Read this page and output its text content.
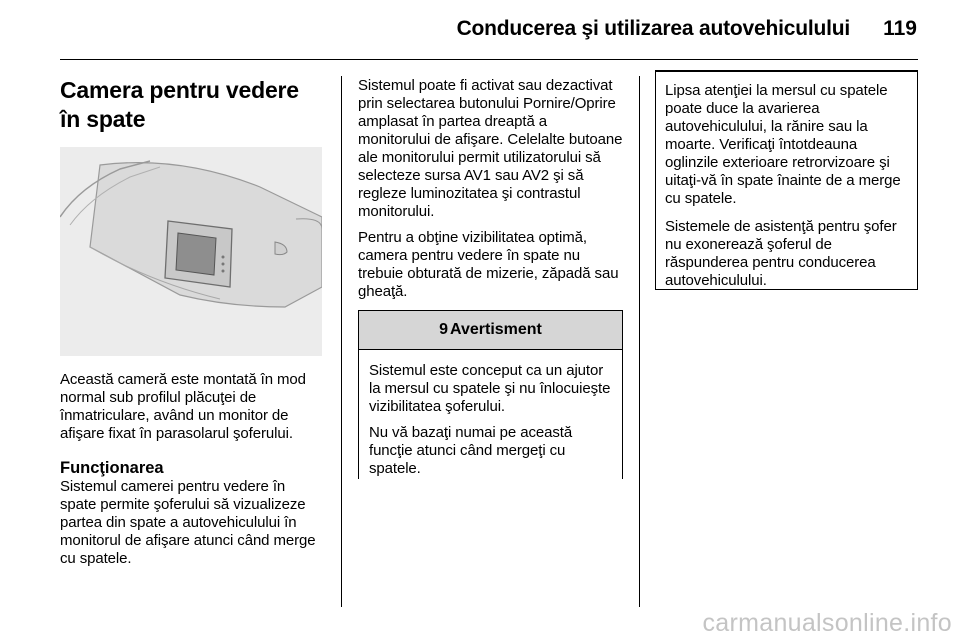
Conducerea şi utilizarea autovehiculului 119
Camera pentru vedere în spate

Această cameră este montată în mod normal sub profilul plăcuţei de înmatriculare, având un monitor de afişare fixat în parasolarul şoferului.

Funcţionarea

Sistemul camerei pentru vedere în spate permite şoferului să vizualizeze partea din spate a autovehiculului în monitorul de afişare atunci când merge cu spatele.

Sistemul poate fi activat sau dezactivat prin selectarea butonului Pornire/Oprire amplasat în partea dreaptă a monitorului de afişare. Celelalte butoane ale monitorului permit utilizatorului să selecteze sursa AV1 sau AV2 şi să regleze luminozitatea şi contrastul monitorului.

Pentru a obţine vizibilitatea optimă, camera pentru vedere în spate nu trebuie obturată de mizerie, zăpadă sau gheaţă.

9 Avertisment

Sistemul este conceput ca un ajutor la mersul cu spatele şi nu înlocuieşte vizibilitatea şoferului.

Nu vă bazaţi numai pe această funcţie atunci când mergeţi cu spatele.

Lipsa atenţiei la mersul cu spatele poate duce la avarierea autovehiculului, la rănire sau la moarte. Verificaţi întotdeauna oglinzile exterioare retrorvizoare şi uitaţi-vă în spate înainte de a merge cu spatele.

Sistemele de asistenţă pentru şofer nu exonerează şoferul de răspunderea pentru conducerea autovehiculului.

carmanualsonline.info
